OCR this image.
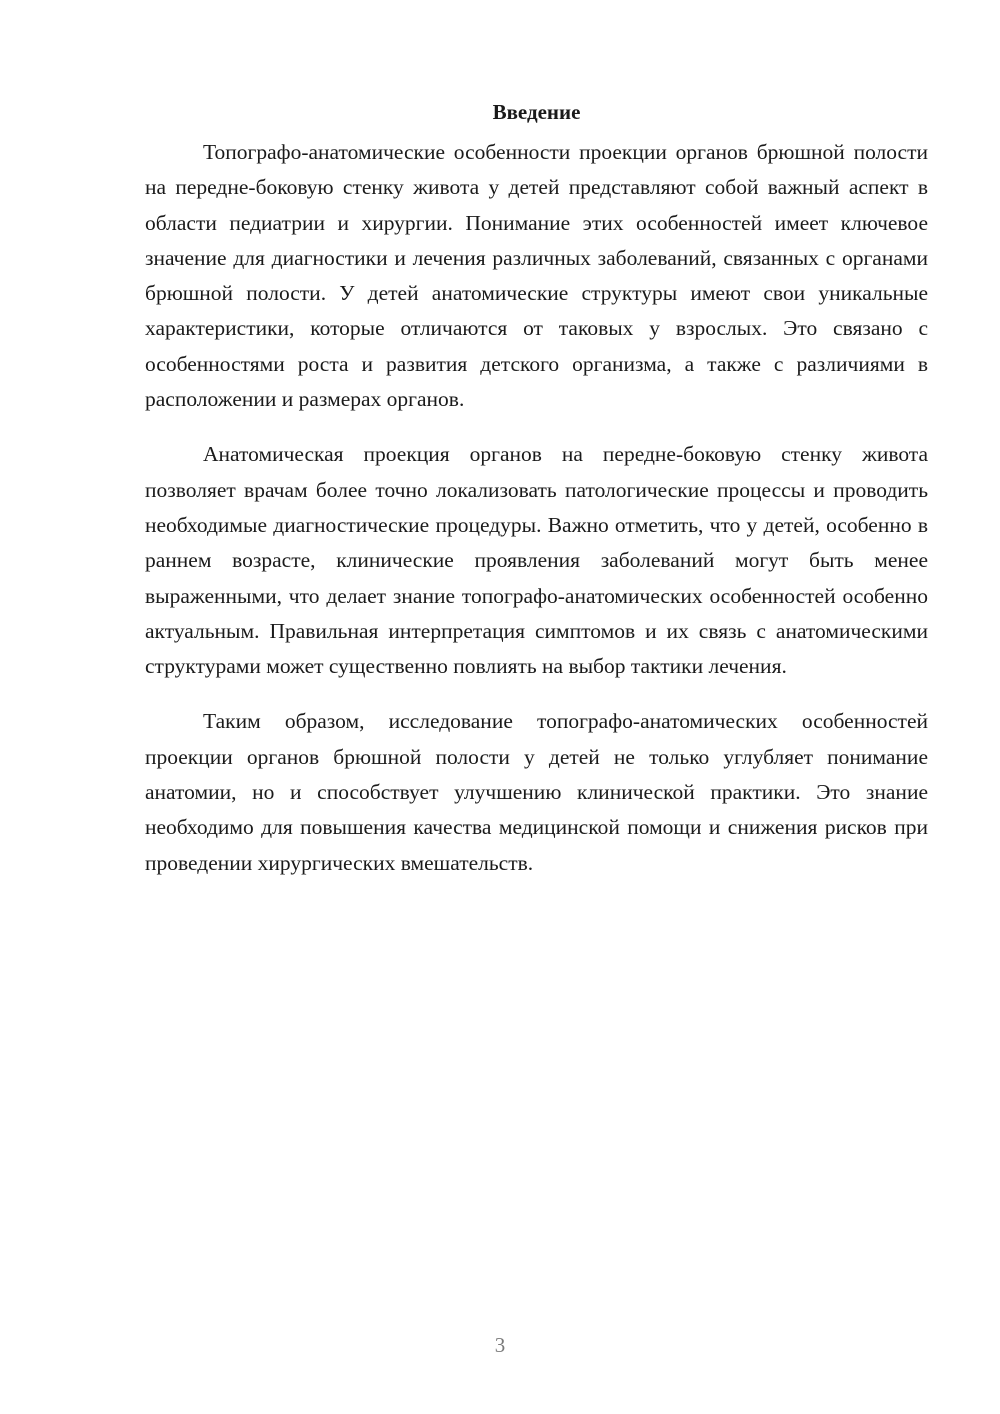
Введение

Топографо-анатомические особенности проекции органов брюшной полости на передне-боковую стенку живота у детей представляют собой важный аспект в области педиатрии и хирургии. Понимание этих особенностей имеет ключевое значение для диагностики и лечения различных заболеваний, связанных с органами брюшной полости. У детей анатомические структуры имеют свои уникальные характеристики, которые отличаются от таковых у взрослых. Это связано с особенностями роста и развития детского организма, а также с различиями в расположении и размерах органов.

Анатомическая проекция органов на передне-боковую стенку живота позволяет врачам более точно локализовать патологические процессы и проводить необходимые диагностические процедуры. Важно отметить, что у детей, особенно в раннем возрасте, клинические проявления заболеваний могут быть менее выраженными, что делает знание топографо-анатомических особенностей особенно актуальным. Правильная интерпретация симптомов и их связь с анатомическими структурами может существенно повлиять на выбор тактики лечения.

Таким образом, исследование топографо-анатомических особенностей проекции органов брюшной полости у детей не только углубляет понимание анатомии, но и способствует улучшению клинической практики. Это знание необходимо для повышения качества медицинской помощи и снижения рисков при проведении хирургических вмешательств.

3
